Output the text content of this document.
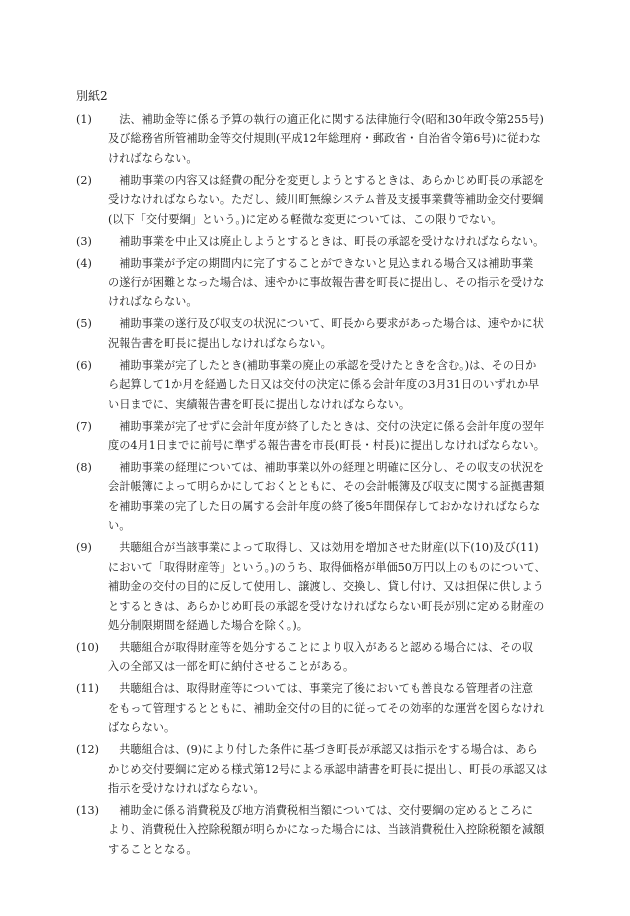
別紙2
(1)	　法、補助金等に係る予算の執行の適正化に関する法律施行令(昭和30年政令第255号)
及び総務省所管補助金等交付規則(平成12年総理府・郵政省・自治省令第6号)に従わな
ければならない。
(2)	　補助事業の内容又は経費の配分を変更しようとするときは、あらかじめ町長の承認を
受けなければならない。ただし、綾川町無線システム普及支援事業費等補助金交付要綱
(以下「交付要綱」という。)に定める軽微な変更については、この限りでない。
(3)	　補助事業を中止又は廃止しようとするときは、町長の承認を受けなければならない。
(4)	　補助事業が予定の期間内に完了することができないと見込まれる場合又は補助事業
の遂行が困難となった場合は、速やかに事故報告書を町長に提出し、その指示を受けな
ければならない。
(5)	　補助事業の遂行及び収支の状況について、町長から要求があった場合は、速やかに状
況報告書を町長に提出しなければならない。
(6)	　補助事業が完了したとき(補助事業の廃止の承認を受けたときを含む。)は、その日か
ら起算して1か月を経過した日又は交付の決定に係る会計年度の3月31日のいずれか早
い日までに、実績報告書を町長に提出しなければならない。
(7)	　補助事業が完了せずに会計年度が終了したときは、交付の決定に係る会計年度の翌年
度の4月1日までに前号に準ずる報告書を市長(町長・村長)に提出しなければならない。
(8)	　補助事業の経理については、補助事業以外の経理と明確に区分し、その収支の状況を
会計帳簿によって明らかにしておくとともに、その会計帳簿及び収支に関する証拠書類
を補助事業の完了した日の属する会計年度の終了後5年間保存しておかなければならな
い。
(9)	　共聴組合が当該事業によって取得し、又は効用を増加させた財産(以下(10)及び(11)
において「取得財産等」という。)のうち、取得価格が単価50万円以上のものについて、
補助金の交付の目的に反して使用し、譲渡し、交換し、貸し付け、又は担保に供しよう
とするときは、あらかじめ町長の承認を受けなければならない町長が別に定める財産の
処分制限期間を経過した場合を除く。)。
(10)	　共聴組合が取得財産等を処分することにより収入があると認める場合には、その収
入の全部又は一部を町に納付させることがある。
(11)	　共聴組合は、取得財産等については、事業完了後においても善良なる管理者の注意
をもって管理するとともに、補助金交付の目的に従ってその効率的な運営を図らなけれ
ばならない。
(12)	　共聴組合は、(9)により付した条件に基づき町長が承認又は指示をする場合は、あら
かじめ交付要綱に定める様式第12号による承認申請書を町長に提出し、町長の承認又は
指示を受けなければならない。
(13)	　補助金に係る消費税及び地方消費税相当額については、交付要綱の定めるところに
より、消費税仕入控除税額が明らかになった場合には、当該消費税仕入控除税額を減額
することとなる。
